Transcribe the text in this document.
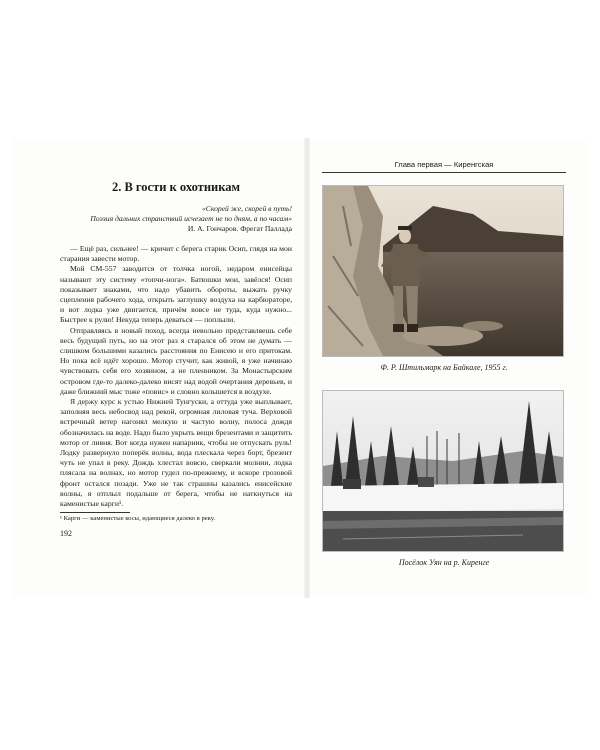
2. В гости к охотникам

«Скорей же, скорей в путь!

Поэзия дальних странствий исчезает не по дням, а по часам»

И. А. Гончаров. Фрегат Паллада

— Ещё раз, сильнее! — кричит с берега старик Осип, глядя на мои старания завести мотор.

Мой СМ-557 заводится от толчка ногой, недаром енисейцы называют эту систему «топчи-нога». Батюшки мои, завёлся! Осип показывает знаками, что надо убавить обороты, выжать ручку сцепления рабочего хода, открыть заглушку воздуха на карбюраторе, и вот лодка уже двигается, причём вовсе не туда, куда нужно... Быстрее к рулю! Некуда теперь деваться — поплыли.

Отправляясь в новый поход, всегда невольно представляешь себе весь будущий путь, но на этот раз я старался об этом не думать — слишком большими казались расстояния по Енисею и его притокам. Но пока всё идёт хорошо. Мотор стучит, как живой, я уже начинаю чувствовать себя его хозяином, а не пленником. За Монастырским островом где-то далеко-далеко висят над водой очертания деревьев, и даже ближний мыс тоже «повис» и словно колышется в воздухе.

Я держу курс к устью Нижней Тунгуски, а оттуда уже выплывает, заполняя весь небосвод над рекой, огромная лиловая туча. Верховой встречный ветер нагонял мелкую и частую волну, полоса дождя обозначилась на воде. Надо было укрыть вещи брезентами и защитить мотор от ливня. Вот когда нужен напарник, чтобы не отпускать руль! Лодку развернуло поперёк волны, вода плескала через борт, брезент чуть не упал в реку. Дождь хлестал вовсю, сверкали молнии, лодка плясала на волнах, но мотор гудел по-прежнему, и вскоре грозовой фронт остался позади. Уже не так страшны казались енисейские волны, я отплыл подальше от берега, чтобы не наткнуться на каменистые карги¹.

¹ Карги — каменистые косы, идающиеся далеко в реку.

192

Глава первая — Киренгская

Ф. Р. Штильмарк на Байкале, 1955 г.

Посёлок Уян на р. Киренге
